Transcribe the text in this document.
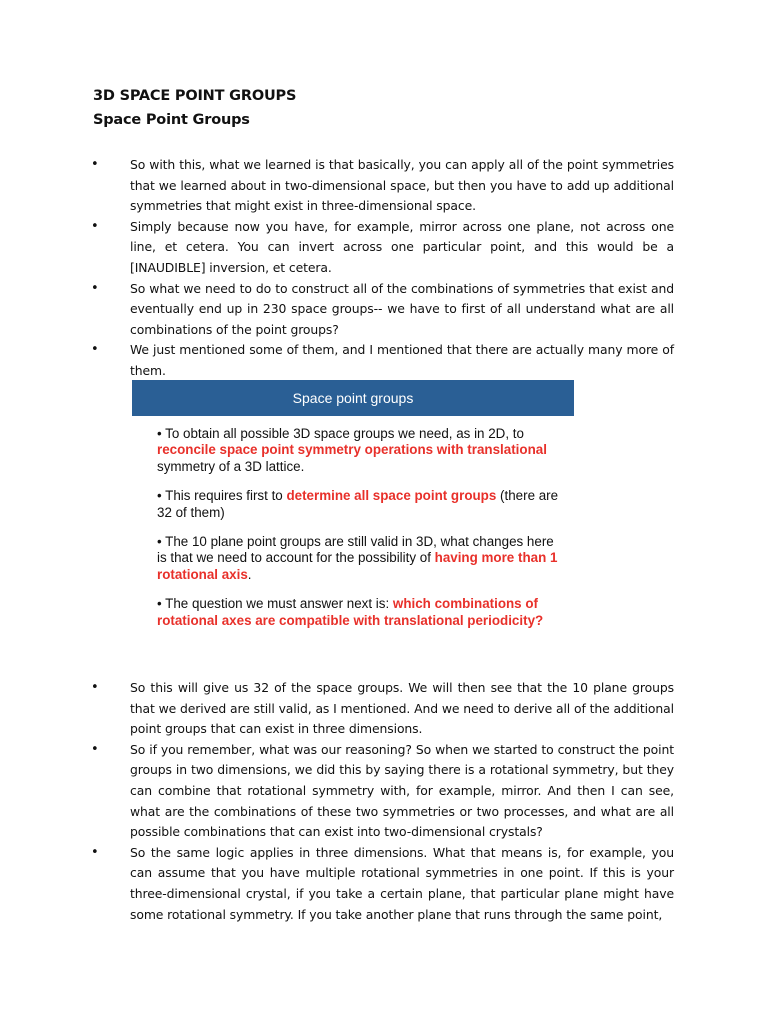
3D SPACE POINT GROUPS
Space Point Groups
•	So with this, what we learned is that basically, you can apply all of the point symmetries that we learned about in two-dimensional space, but then you have to add up additional symmetries that might exist in three-dimensional space.
•	Simply because now you have, for example, mirror across one plane, not across one line, et cetera. You can invert across one particular point, and this would be a [INAUDIBLE] inversion, et cetera.
•	So what we need to do to construct all of the combinations of symmetries that exist and eventually end up in 230 space groups-- we have to first of all understand what are all combinations of the point groups?
•	We just mentioned some of them, and I mentioned that there are actually many more of them.
Space point groups
• To obtain all possible 3D space groups we need, as in 2D, to reconcile space point symmetry operations with translational symmetry of a 3D lattice.
• This requires first to determine all space point groups (there are 32 of them)
• The 10 plane point groups are still valid in 3D, what changes here is that we need to account for the possibility of having more than 1 rotational axis.
• The question we must answer next is: which combinations of rotational axes are compatible with translational periodicity?
•	So this will give us 32 of the space groups. We will then see that the 10 plane groups that we derived are still valid, as I mentioned. And we need to derive all of the additional point groups that can exist in three dimensions.
•	So if you remember, what was our reasoning? So when we started to construct the point groups in two dimensions, we did this by saying there is a rotational symmetry, but they can combine that rotational symmetry with, for example, mirror. And then I can see, what are the combinations of these two symmetries or two processes, and what are all possible combinations that can exist into two-dimensional crystals?
•	So the same logic applies in three dimensions. What that means is, for example, you can assume that you have multiple rotational symmetries in one point. If this is your three-dimensional crystal, if you take a certain plane, that particular plane might have some rotational symmetry. If you take another plane that runs through the same point,
